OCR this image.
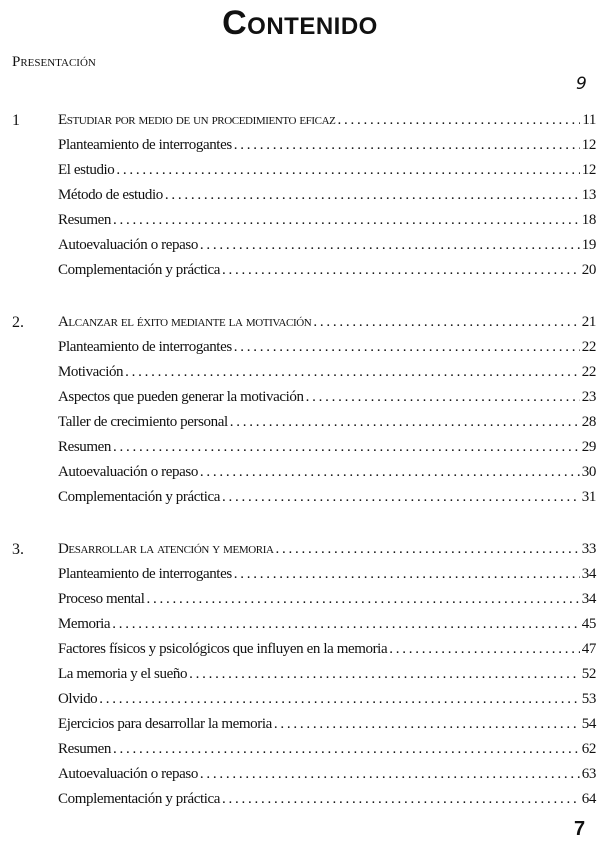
Contenido
Presentación
9
1	Estudiar por medio de un procedimiento eficaz . . .	11
Planteamiento de interrogantes . . .	12
El estudio . . .	12
Método de estudio . . .	13
Resumen . . .	18
Autoevaluación o repaso . . .	19
Complementación y práctica . . .	20
2.	Alcanzar el éxito mediante la motivación . . .	21
Planteamiento de interrogantes . . .	22
Motivación . . .	22
Aspectos que pueden generar la motivación . . .	23
Taller de crecimiento personal . . .	28
Resumen . . .	29
Autoevaluación o repaso . . .	30
Complementación y práctica . . .	31
3.	Desarrollar la atención y memoria . . .	33
Planteamiento de interrogantes . . .	34
Proceso mental . . .	34
Memoria . . .	45
Factores físicos y psicológicos que influyen en la memoria . . .	47
La memoria y el sueño . . .	52
Olvido . . .	53
Ejercicios para desarrollar la memoria . . .	54
Resumen . . .	62
Autoevaluación o repaso . . .	63
Complementación y práctica . . .	64
7
